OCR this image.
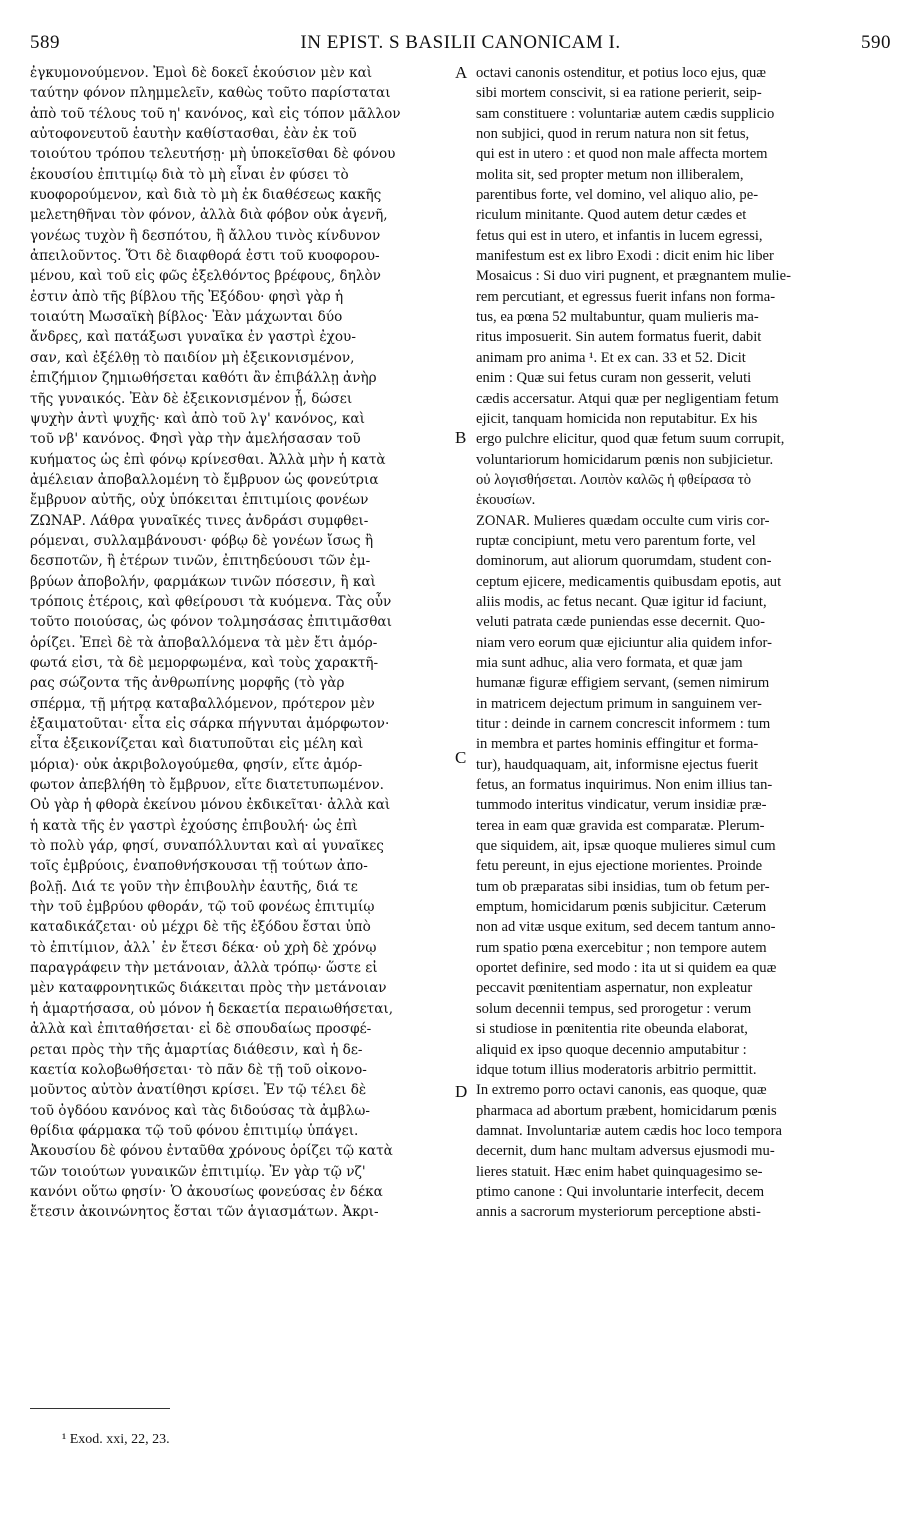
589	IN EPIST. S BASILII CANONICAM I.	590
ἐγκυμονούμενον. Ἐμοὶ δὲ δοκεῖ ἑκούσιον μὲν καὶ
ταύτην φόνον πλημμελεῖν, καθὼς τοῦτο παρίσταται
ἀπὸ τοῦ τέλους τοῦ η' κανόνος, καὶ εἰς τόπον μᾶλλον
αὐτοφονευτοῦ ἑαυτὴν καθίστασθαι, ἐὰν ἐκ τοῦ
τοιούτου τρόπου τελευτήσῃ· μὴ ὑποκεῖσθαι δὲ φόνου
ἑκουσίου ἐπιτιμίῳ διὰ τὸ μὴ εἶναι ἐν φύσει τὸ
κυοφορούμενον, καὶ διὰ τὸ μὴ ἐκ διαθέσεως κακῆς
μελετηθῆναι τὸν φόνον, ἀλλὰ διὰ φόβον οὐκ ἀγενῆ,
γονέως τυχὸν ἢ δεσπότου, ἢ ἄλλου τινὸς κίνδυνον
ἀπειλοῦντος. Ὅτι δὲ διαφθορά ἐστι τοῦ κυοφορου-
μένου, καὶ τοῦ εἰς φῶς ἐξελθόντος βρέφους, δηλὸν
ἐστιν ἀπὸ τῆς βίβλου τῆς Ἐξόδου· φησὶ γὰρ ἡ
τοιαύτη Μωσαϊκὴ βίβλος· Ἐὰν μάχωνται δύο
ἄνδρες, καὶ πατάξωσι γυναῖκα ἐν γαστρὶ ἐχου-
σαν, καὶ ἐξέλθῃ τὸ παιδίον μὴ ἐξεικονισμένον,
ἐπιζήμιον ζημιωθήσεται καθότι ἂν ἐπιβάλλῃ ἀνὴρ
τῆς γυναικός. Ἐὰν δὲ ἐξεικονισμένον ᾖ, δώσει
ψυχὴν ἀντὶ ψυχῆς· καὶ ἀπὸ τοῦ λγ' κανόνος, καὶ
τοῦ νβ' κανόνος. Φησὶ γὰρ τὴν ἀμελήσασαν τοῦ
κυήματος ὡς ἐπὶ φόνῳ κρίνεσθαι. Ἀλλὰ μὴν ἡ κατὰ
ἀμέλειαν ἀποβαλλομένη τὸ ἔμβρυον ὡς φονεύτρια
ἔμβρυον αὐτῆς, οὐχ ὑπόκειται ἐπιτιμίοις φονέων
ΖΩΝΑΡ. Λάθρα γυναῖκές τινες ἀνδράσι συμφθει-
ρόμεναι, συλλαμβάνουσι· φόβῳ δὲ γονέων ἴσως ἢ
δεσποτῶν, ἢ ἑτέρων τινῶν, ἐπιτηδεύουσι τῶν ἐμ-
βρύων ἀποβολήν, φαρμάκων τινῶν πόσεσιν, ἢ καὶ
τρόποις ἑτέροις, καὶ φθείρουσι τὰ κυόμενα. Τὰς οὖν
τοῦτο ποιούσας, ὡς φόνον τολμησάσας ἐπιτιμᾶσθαι
ὁρίζει. Ἐπεὶ δὲ τὰ ἀποβαλλόμενα τὰ μὲν ἔτι ἀμόρ-
φωτά εἰσι, τὰ δὲ μεμορφωμένα, καὶ τοὺς χαρακτῆ-
ρας σώζοντα τῆς ἀνθρωπίνης μορφῆς (τὸ γὰρ
σπέρμα, τῇ μήτρᾳ καταβαλλόμενον, πρότερον μὲν
ἐξαιματοῦται· εἶτα εἰς σάρκα πήγνυται ἀμόρφωτον·
εἶτα ἐξεικονίζεται καὶ διατυποῦται εἰς μέλη καὶ
μόρια)· οὐκ ἀκριβολογούμεθα, φησίν, εἴτε ἀμόρ-
φωτον ἀπεβλήθη τὸ ἔμβρυον, εἴτε διατετυπωμένον.
Οὐ γὰρ ἡ φθορὰ ἐκείνου μόνου ἐκδικεῖται· ἀλλὰ καὶ
ἡ κατὰ τῆς ἐν γαστρὶ ἐχούσης ἐπιβουλή· ὡς ἐπὶ
τὸ πολὺ γάρ, φησί, συναπόλλυνται καὶ αἱ γυναῖκες
τοῖς ἐμβρύοις, ἐναποθνήσκουσαι τῇ τούτων ἀπο-
βολῇ. Διά τε γοῦν τὴν ἐπιβουλὴν ἑαυτῆς, διά τε
τὴν τοῦ ἐμβρύου φθοράν, τῷ τοῦ φονέως ἐπιτιμίῳ
καταδικάζεται· οὐ μέχρι δὲ τῆς ἐξόδου ἔσται ὑπὸ
τὸ ἐπιτίμιον, ἀλλ᾽ ἐν ἔτεσι δέκα· οὐ χρὴ δὲ χρόνῳ
παραγράφειν τὴν μετάνοιαν, ἀλλὰ τρόπῳ· ὥστε εἰ
μὲν καταφρονητικῶς διάκειται πρὸς τὴν μετάνοιαν
ἡ ἁμαρτήσασα, οὐ μόνον ἡ δεκαετία περαιωθήσεται,
ἀλλὰ καὶ ἐπιταθήσεται· εἰ δὲ σπουδαίως προσφέ-
ρεται πρὸς τὴν τῆς ἁμαρτίας διάθεσιν, καὶ ἡ δε-
καετία κολοβωθήσεται· τὸ πᾶν δὲ τῇ τοῦ οἰκονο-
μοῦντος αὐτὸν ἀνατίθησι κρίσει. Ἐν τῷ τέλει δὲ
τοῦ ὀγδόου κανόνος καὶ τὰς διδούσας τὰ ἀμβλω-
θρίδια φάρμακα τῷ τοῦ φόνου ἐπιτιμίῳ ὑπάγει.
Ἀκουσίου δὲ φόνου ἐνταῦθα χρόνους ὁρίζει τῷ κατὰ
τῶν τοιούτων γυναικῶν ἐπιτιμίῳ. Ἐν γὰρ τῷ νζ'
κανόνι οὕτω φησίν· Ὁ ἀκουσίως φονεύσας ἐν δέκα
ἔτεσιν ἀκοινώνητος ἔσται τῶν ἁγιασμάτων. Ἀκρι-
octavi canonis ostenditur, et potius loco ejus, quæ
sibi mortem conscivit, si ea ratione perierit, seip-
sam constituere : voluntariæ autem cædis supplicio
non subjici, quod in rerum natura non sit fetus,
qui est in utero : et quod non male affecta mortem
molita sit, sed propter metum non illiberalem,
parentibus forte, vel domino, vel aliquo alio, pe-
riculum minitante. Quod autem detur cædes et
fetus qui est in utero, et infantis in lucem egressi,
manifestum est ex libro Exodi : dicit enim hic liber
Mosaicus : Si duo viri pugnent, et prægnantem mulie-
rem percutiant, et egressus fuerit infans non forma-
tus, ea pœna 52 multabuntur, quam mulieris ma-
ritus imposuerit. Sin autem formatus fuerit, dabit
animam pro anima ¹. Et ex can. 33 et 52. Dicit
enim : Quæ sui fetus curam non gesserit, veluti
cædis accersatur. Atqui quæ per negligentiam fetum
ejicit, tanquam homicida non reputabitur. Ex his
ergo pulchre elicitur, quod quæ fetum suum corrupit,
voluntariorum homicidarum pœnis non subjicietur.
οὐ λογισθήσεται. Λοιπὸν καλῶς ἡ φθείρασα τὸ
ἑκουσίων.
ZONAR. Mulieres quædam occulte cum viris cor-
ruptæ concipiunt, metu vero parentum forte, vel
dominorum, aut aliorum quorumdam, student con-
ceptum ejicere, medicamentis quibusdam epotis, aut
aliis modis, ac fetus necant. Quæ igitur id faciunt,
veluti patrata cæde puniendas esse decernit. Quo-
niam vero eorum quæ ejiciuntur alia quidem infor-
mia sunt adhuc, alia vero formata, et quæ jam
humanæ figuræ effigiem servant, (semen nimirum
in matricem dejectum primum in sanguinem ver-
titur : deinde in carnem concrescit informem : tum
in membra et partes hominis effingitur et forma-
tur), haudquaquam, ait, informisne ejectus fuerit
fetus, an formatus inquirimus. Non enim illius tan-
tummodo interitus vindicatur, verum insidiæ præ-
terea in eam quæ gravida est comparatæ. Plerum-
que siquidem, ait, ipsæ quoque mulieres simul cum
fetu pereunt, in ejus ejectione morientes. Proinde
tum ob præparatas sibi insidias, tum ob fetum per-
emptum, homicidarum pœnis subjicitur. Cæterum
non ad vitæ usque exitum, sed decem tantum anno-
rum spatio pœna exercebitur ; non tempore autem
oportet definire, sed modo : ita ut si quidem ea quæ
peccavit pœnitentiam aspernatur, non expleatur
solum decennii tempus, sed prorogetur : verum
si studiose in pœnitentia rite obeunda elaborat,
aliquid ex ipso quoque decennio amputabitur :
idque totum illius moderatoris arbitrio permittit.
In extremo porro octavi canonis, eas quoque, quæ
pharmaca ad abortum præbent, homicidarum pœnis
damnat. Involuntariæ autem cædis hoc loco tempora
decernit, dum hanc multam adversus ejusmodi mu-
lieres statuit. Hæc enim habet quinquagesimo se-
ptimo canone : Qui involuntarie interfecit, decem
annis a sacrorum mysteriorum perceptione absti-
A
B
C
D
¹ Exod. xxi, 22, 23.
